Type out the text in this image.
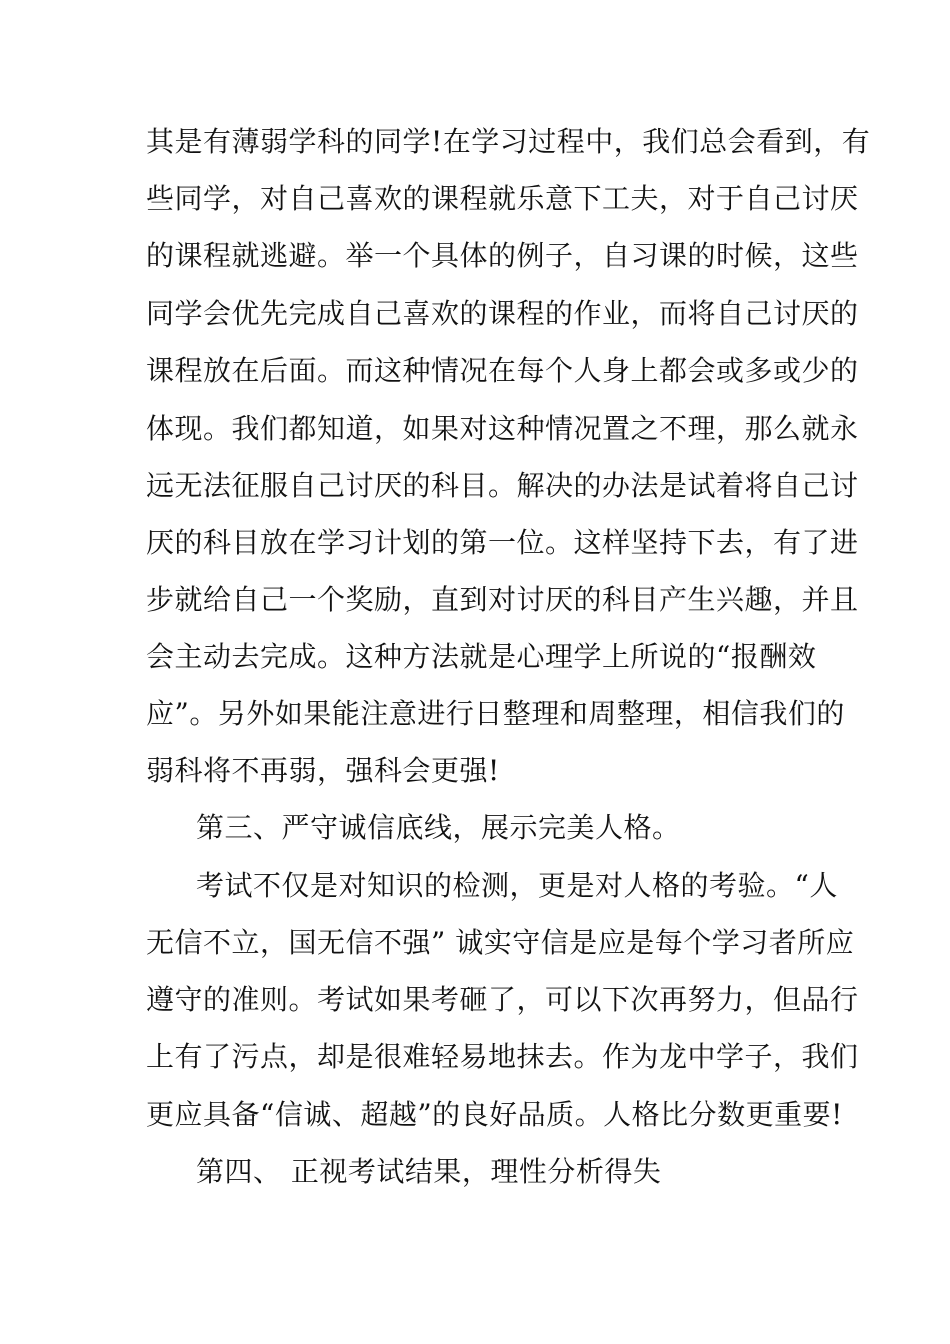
其是有薄弱学科的同学!在学习过程中，我们总会看到，有
些同学，对自己喜欢的课程就乐意下工夫，对于自己讨厌
的课程就逃避。举一个具体的例子，自习课的时候，这些
同学会优先完成自己喜欢的课程的作业，而将自己讨厌的
课程放在后面。而这种情况在每个人身上都会或多或少的
体现。我们都知道，如果对这种情况置之不理，那么就永
远无法征服自己讨厌的科目。解决的办法是试着将自己讨
厌的科目放在学习计划的第一位。这样坚持下去，有了进
步就给自己一个奖励，直到对讨厌的科目产生兴趣，并且
会主动去完成。这种方法就是心理学上所说的“报酬效
应”。另外如果能注意进行日整理和周整理，相信我们的
弱科将不再弱，强科会更强!
第三、严守诚信底线，展示完美人格。
考试不仅是对知识的检测，更是对人格的考验。“人
无信不立，国无信不强” 诚实守信是应是每个学习者所应
遵守的准则。考试如果考砸了，可以下次再努力，但品行
上有了污点，却是很难轻易地抹去。作为龙中学子，我们
更应具备“信诚、超越”的良好品质。人格比分数更重要!
第四、 正视考试结果，理性分析得失
